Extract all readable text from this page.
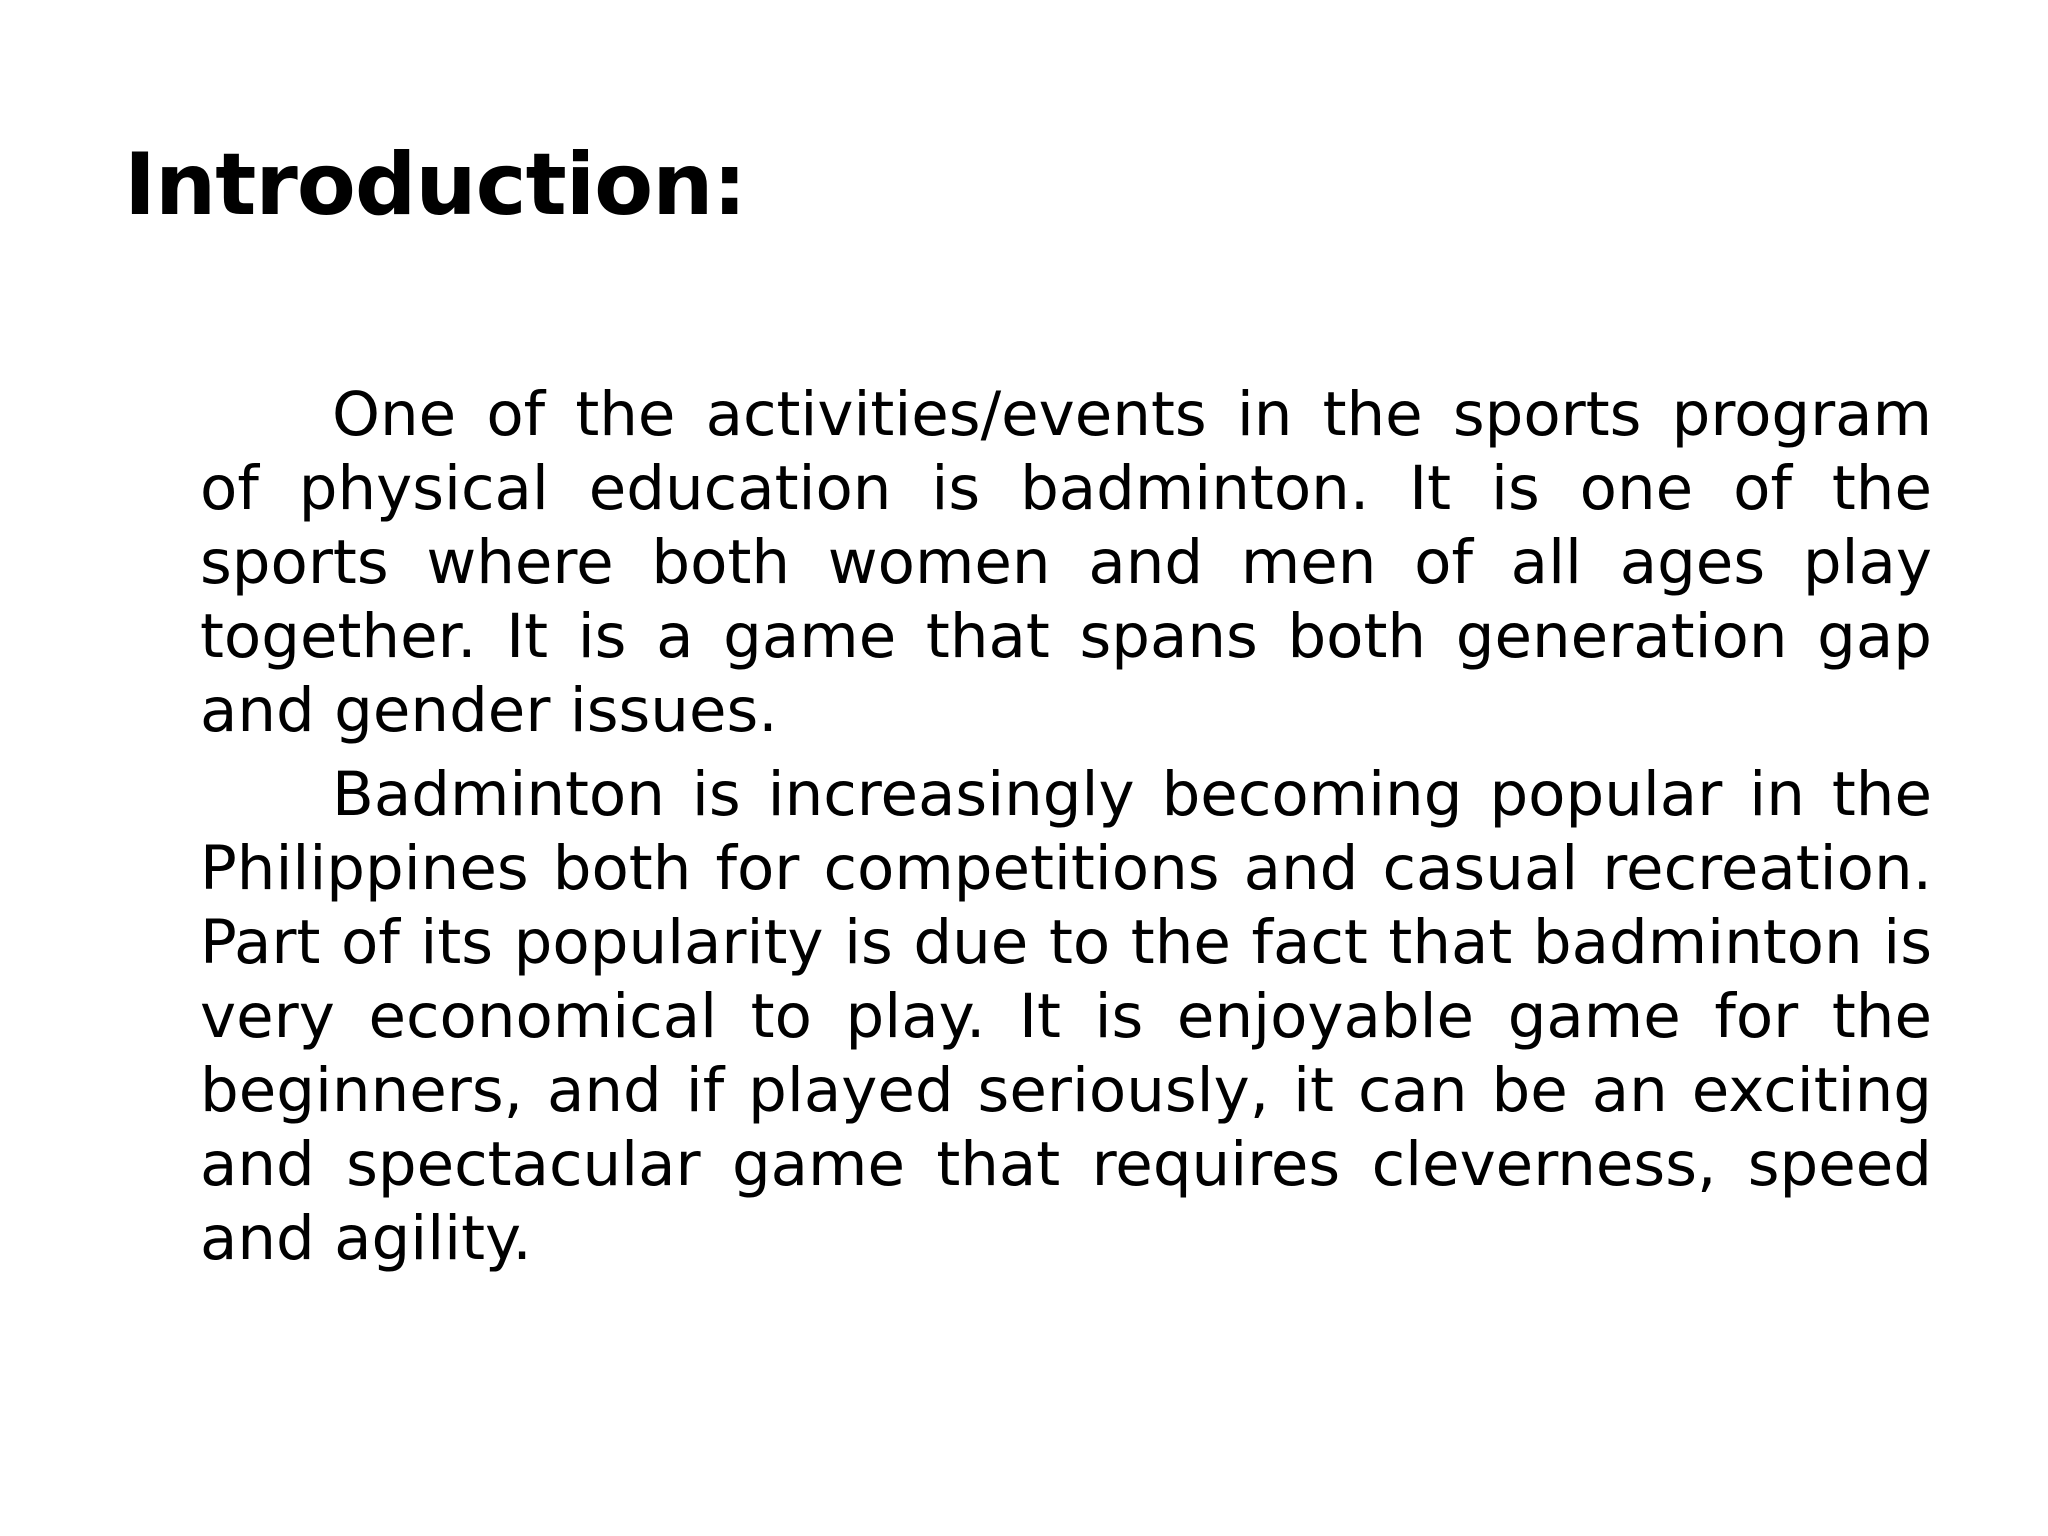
Introduction:

One of the activities/events in the sports program of physical education is badminton. It is one of the sports where both women and men of all ages play together. It is a game that spans both generation gap and gender issues.

Badminton is increasingly becoming popular in the Philippines both for competitions and casual recreation. Part of its popularity is due to the fact that badminton is very economical to play. It is enjoyable game for the beginners, and if played seriously, it can be an exciting and spectacular game that requires cleverness, speed and agility.
